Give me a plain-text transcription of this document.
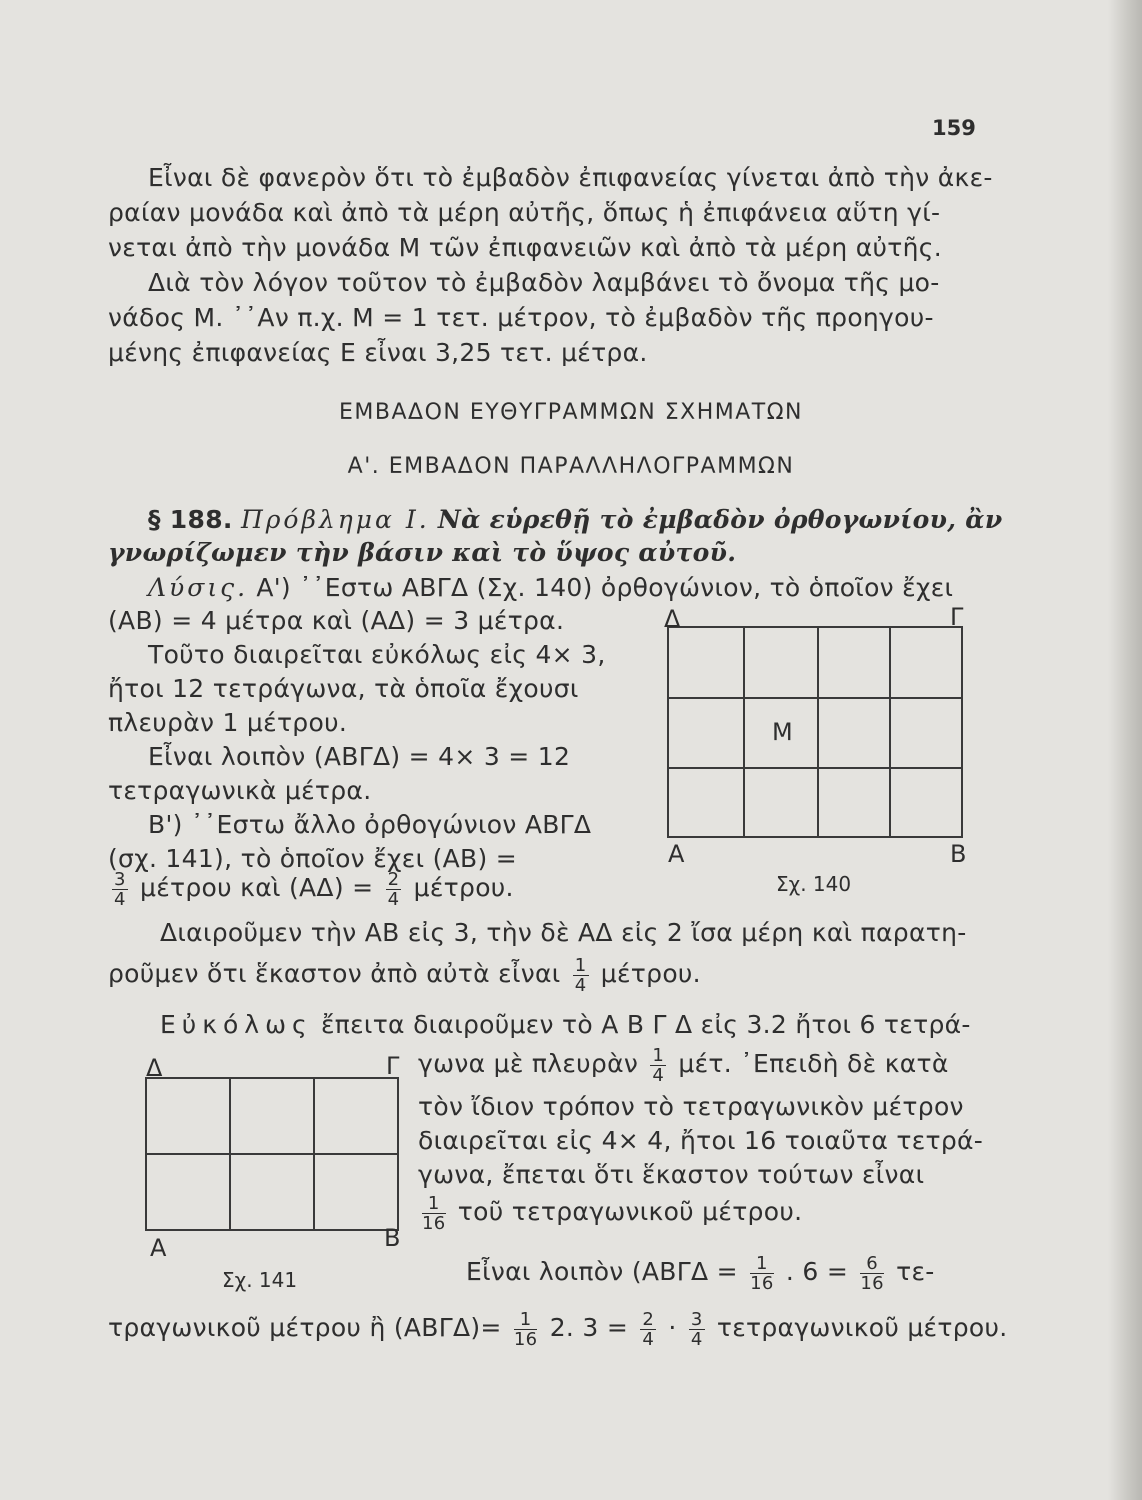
159
Εἶναι δὲ φανερὸν ὅτι τὸ ἐμβαδὸν ἐπιφανείας γίνεται ἀπὸ τὴν ἀκε-
ραίαν μονάδα καὶ ἀπὸ τὰ μέρη αὐτῆς, ὅπως ἡ ἐπιφάνεια αὕτη γί-
νεται ἀπὸ τὴν μονάδα Μ τῶν ἐπιφανειῶν καὶ ἀπὸ τὰ μέρη αὐτῆς.
Διὰ τὸν λόγον τοῦτον τὸ ἐμβαδὸν λαμβάνει τὸ ὄνομα τῆς μο-
νάδος Μ. ᾿᾿Αν π.χ. Μ = 1 τετ. μέτρον, τὸ ἐμβαδὸν τῆς προηγου-
μένης ἐπιφανείας Ε εἶναι 3,25 τετ. μέτρα.
ΕΜΒΑΔΟΝ ΕΥΘΥΓΡΑΜΜΩΝ ΣΧΗΜΑΤΩΝ
Α'. ΕΜΒΑΔΟΝ ΠΑΡΑΛΛΗΛΟΓΡΑΜΜΩΝ
§ 188. Πρόβλημα Ι. Νὰ εὑρεθῇ τὸ ἐμβαδὸν ὀρθογωνίου, ἂν
γνωρίζωμεν τὴν βάσιν καὶ τὸ ὕψος αὐτοῦ.
Λύσις. Α') ᾿᾿Εστω ΑΒΓΔ (Σχ. 140) ὀρθογώνιον, τὸ ὁποῖον ἔχει
(ΑΒ) = 4 μέτρα καὶ (ΑΔ) = 3 μέτρα.
Τοῦτο διαιρεῖται εὐκόλως εἰς 4× 3,
ἤτοι 12 τετράγωνα, τὰ ὁποῖα ἔχουσι
πλευρὰν 1 μέτρου.
Εἶναι λοιπὸν (ΑΒΓΔ) = 4× 3 = 12
τετραγωνικὰ μέτρα.
Β') ᾿᾿Εστω ἄλλο ὀρθογώνιον ΑΒΓΔ
(σχ. 141), τὸ ὁποῖον ἔχει (ΑΒ) =
$\frac{3}{4}$ μέτρου καὶ $(A\Delta) = \frac{2}{4} \mu έ\tau\rho o\upsilon$.
Διαιροῦμεν τὴν ΑΒ εἰς 3, τὴν δὲ ΑΔ εἰς 2 ἴσα μέρη καὶ παρατη-
ροῦμεν ὅτι ἕκαστον ἀπὸ αὐτὰ εἶναι $\frac{1}{4} \mu έ\tau\rho o\upsilon$.
Εὐκόλως ἔπειτα διαιροῦμεν τὸ Α Β Γ Δ εἰς 3.2 ἤτοι 6 τετρά-
γωνα μὲ πλευρὰν $\frac{1}{4} \mu έ\tau$. ᾿Επειδὴ δὲ κατὰ
τὸν ἴδιον τρόπον τὸ τετραγωνικὸν μέτρον
διαιρεῖται εἰς 4× 4, ἤτοι 16 τοιαῦτα τετρά-
γωνα, ἔπεται ὅτι ἕκαστον τούτων εἶναι
$\frac{1}{16}$ τοῦ τετραγωνικοῦ μέτρου.
Εἶναι λοιπὸν ($AB\Gamma\Delta = \frac{1}{16}$ . $6 = \frac{6}{16} \tau\varepsilon-$
τραγωνικοῦ μέτρου ἢ $(AB\Gamma\Delta)= \frac{1}{16} 2$. $3 = \frac{2}{4} \cdot \frac{3}{4}$ τετραγωνικοῦ μέτρου.
Δ	Γ
Μ
Α	Β
Σχ. 140
Δ	Γ
Α	Β
Σχ. 141
